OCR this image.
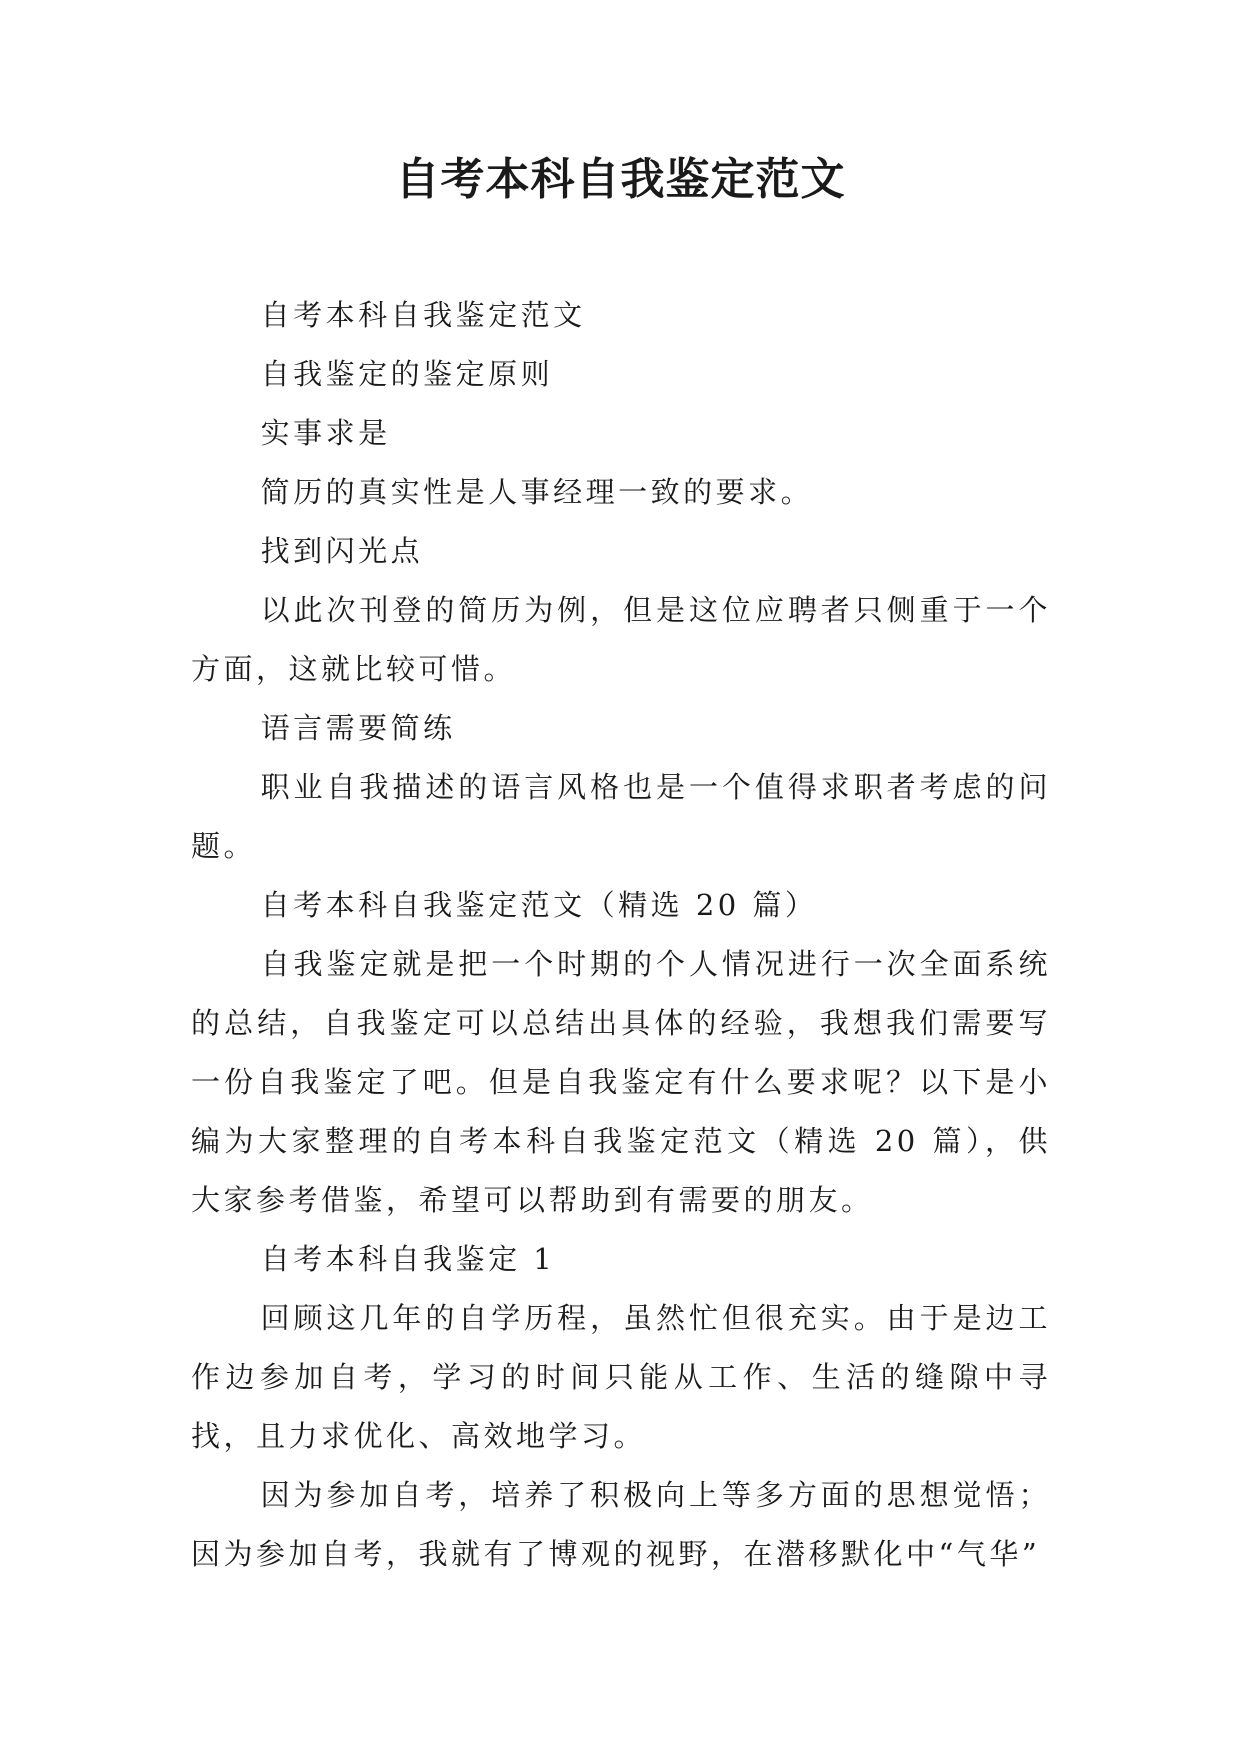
自考本科自我鉴定范文

自考本科自我鉴定范文

自我鉴定的鉴定原则

实事求是

简历的真实性是人事经理一致的要求。

找到闪光点

以此次刊登的简历为例，但是这位应聘者只侧重于一个方面，这就比较可惜。

语言需要简练

职业自我描述的语言风格也是一个值得求职者考虑的问题。

自考本科自我鉴定范文（精选 20 篇）

自我鉴定就是把一个时期的个人情况进行一次全面系统的总结，自我鉴定可以总结出具体的经验，我想我们需要写一份自我鉴定了吧。但是自我鉴定有什么要求呢？以下是小编为大家整理的自考本科自我鉴定范文（精选 20 篇），供大家参考借鉴，希望可以帮助到有需要的朋友。

自考本科自我鉴定 1

回顾这几年的自学历程，虽然忙但很充实。由于是边工作边参加自考，学习的时间只能从工作、生活的缝隙中寻找，且力求优化、高效地学习。

因为参加自考，培养了积极向上等多方面的思想觉悟；因为参加自考，我就有了博观的视野，在潜移默化中“气华”
